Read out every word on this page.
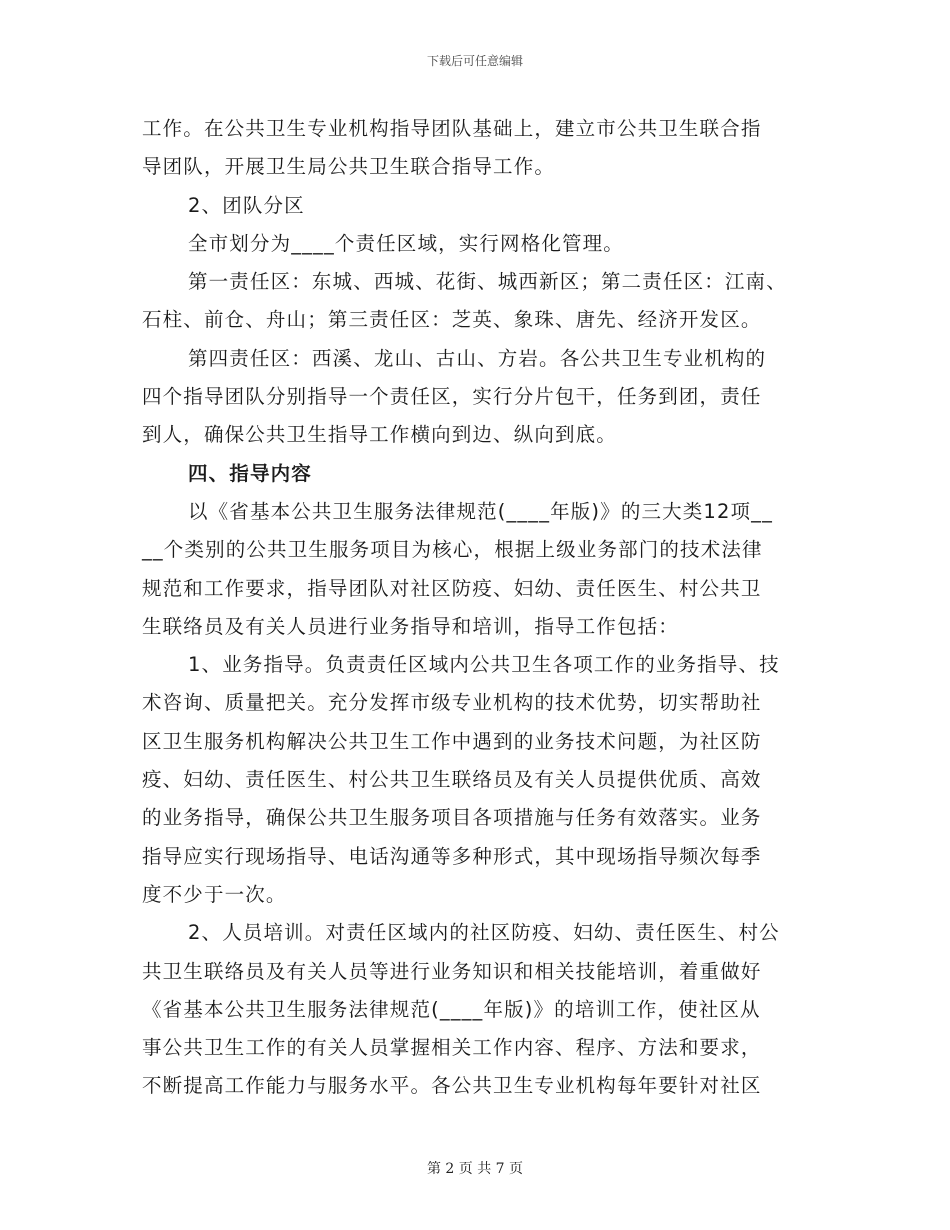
下载后可任意编辑
工作。在公共卫生专业机构指导团队基础上，建立市公共卫生联合指
导团队，开展卫生局公共卫生联合指导工作。
2、团队分区
全市划分为____个责任区域，实行网格化管理。
第一责任区：东城、西城、花街、城西新区；第二责任区：江南、
石柱、前仓、舟山；第三责任区：芝英、象珠、唐先、经济开发区。
第四责任区：西溪、龙山、古山、方岩。各公共卫生专业机构的
四个指导团队分别指导一个责任区，实行分片包干，任务到团，责任
到人，确保公共卫生指导工作横向到边、纵向到底。
四、指导内容
以《省基本公共卫生服务法律规范(____年版)》的三大类12项__
__个类别的公共卫生服务项目为核心，根据上级业务部门的技术法律
规范和工作要求，指导团队对社区防疫、妇幼、责任医生、村公共卫
生联络员及有关人员进行业务指导和培训，指导工作包括：
1、业务指导。负责责任区域内公共卫生各项工作的业务指导、技
术咨询、质量把关。充分发挥市级专业机构的技术优势，切实帮助社
区卫生服务机构解决公共卫生工作中遇到的业务技术问题，为社区防
疫、妇幼、责任医生、村公共卫生联络员及有关人员提供优质、高效
的业务指导，确保公共卫生服务项目各项措施与任务有效落实。业务
指导应实行现场指导、电话沟通等多种形式，其中现场指导频次每季
度不少于一次。
2、人员培训。对责任区域内的社区防疫、妇幼、责任医生、村公
共卫生联络员及有关人员等进行业务知识和相关技能培训，着重做好
《省基本公共卫生服务法律规范(____年版)》的培训工作，使社区从
事公共卫生工作的有关人员掌握相关工作内容、程序、方法和要求，
不断提高工作能力与服务水平。各公共卫生专业机构每年要针对社区
第 2 页 共 7 页
